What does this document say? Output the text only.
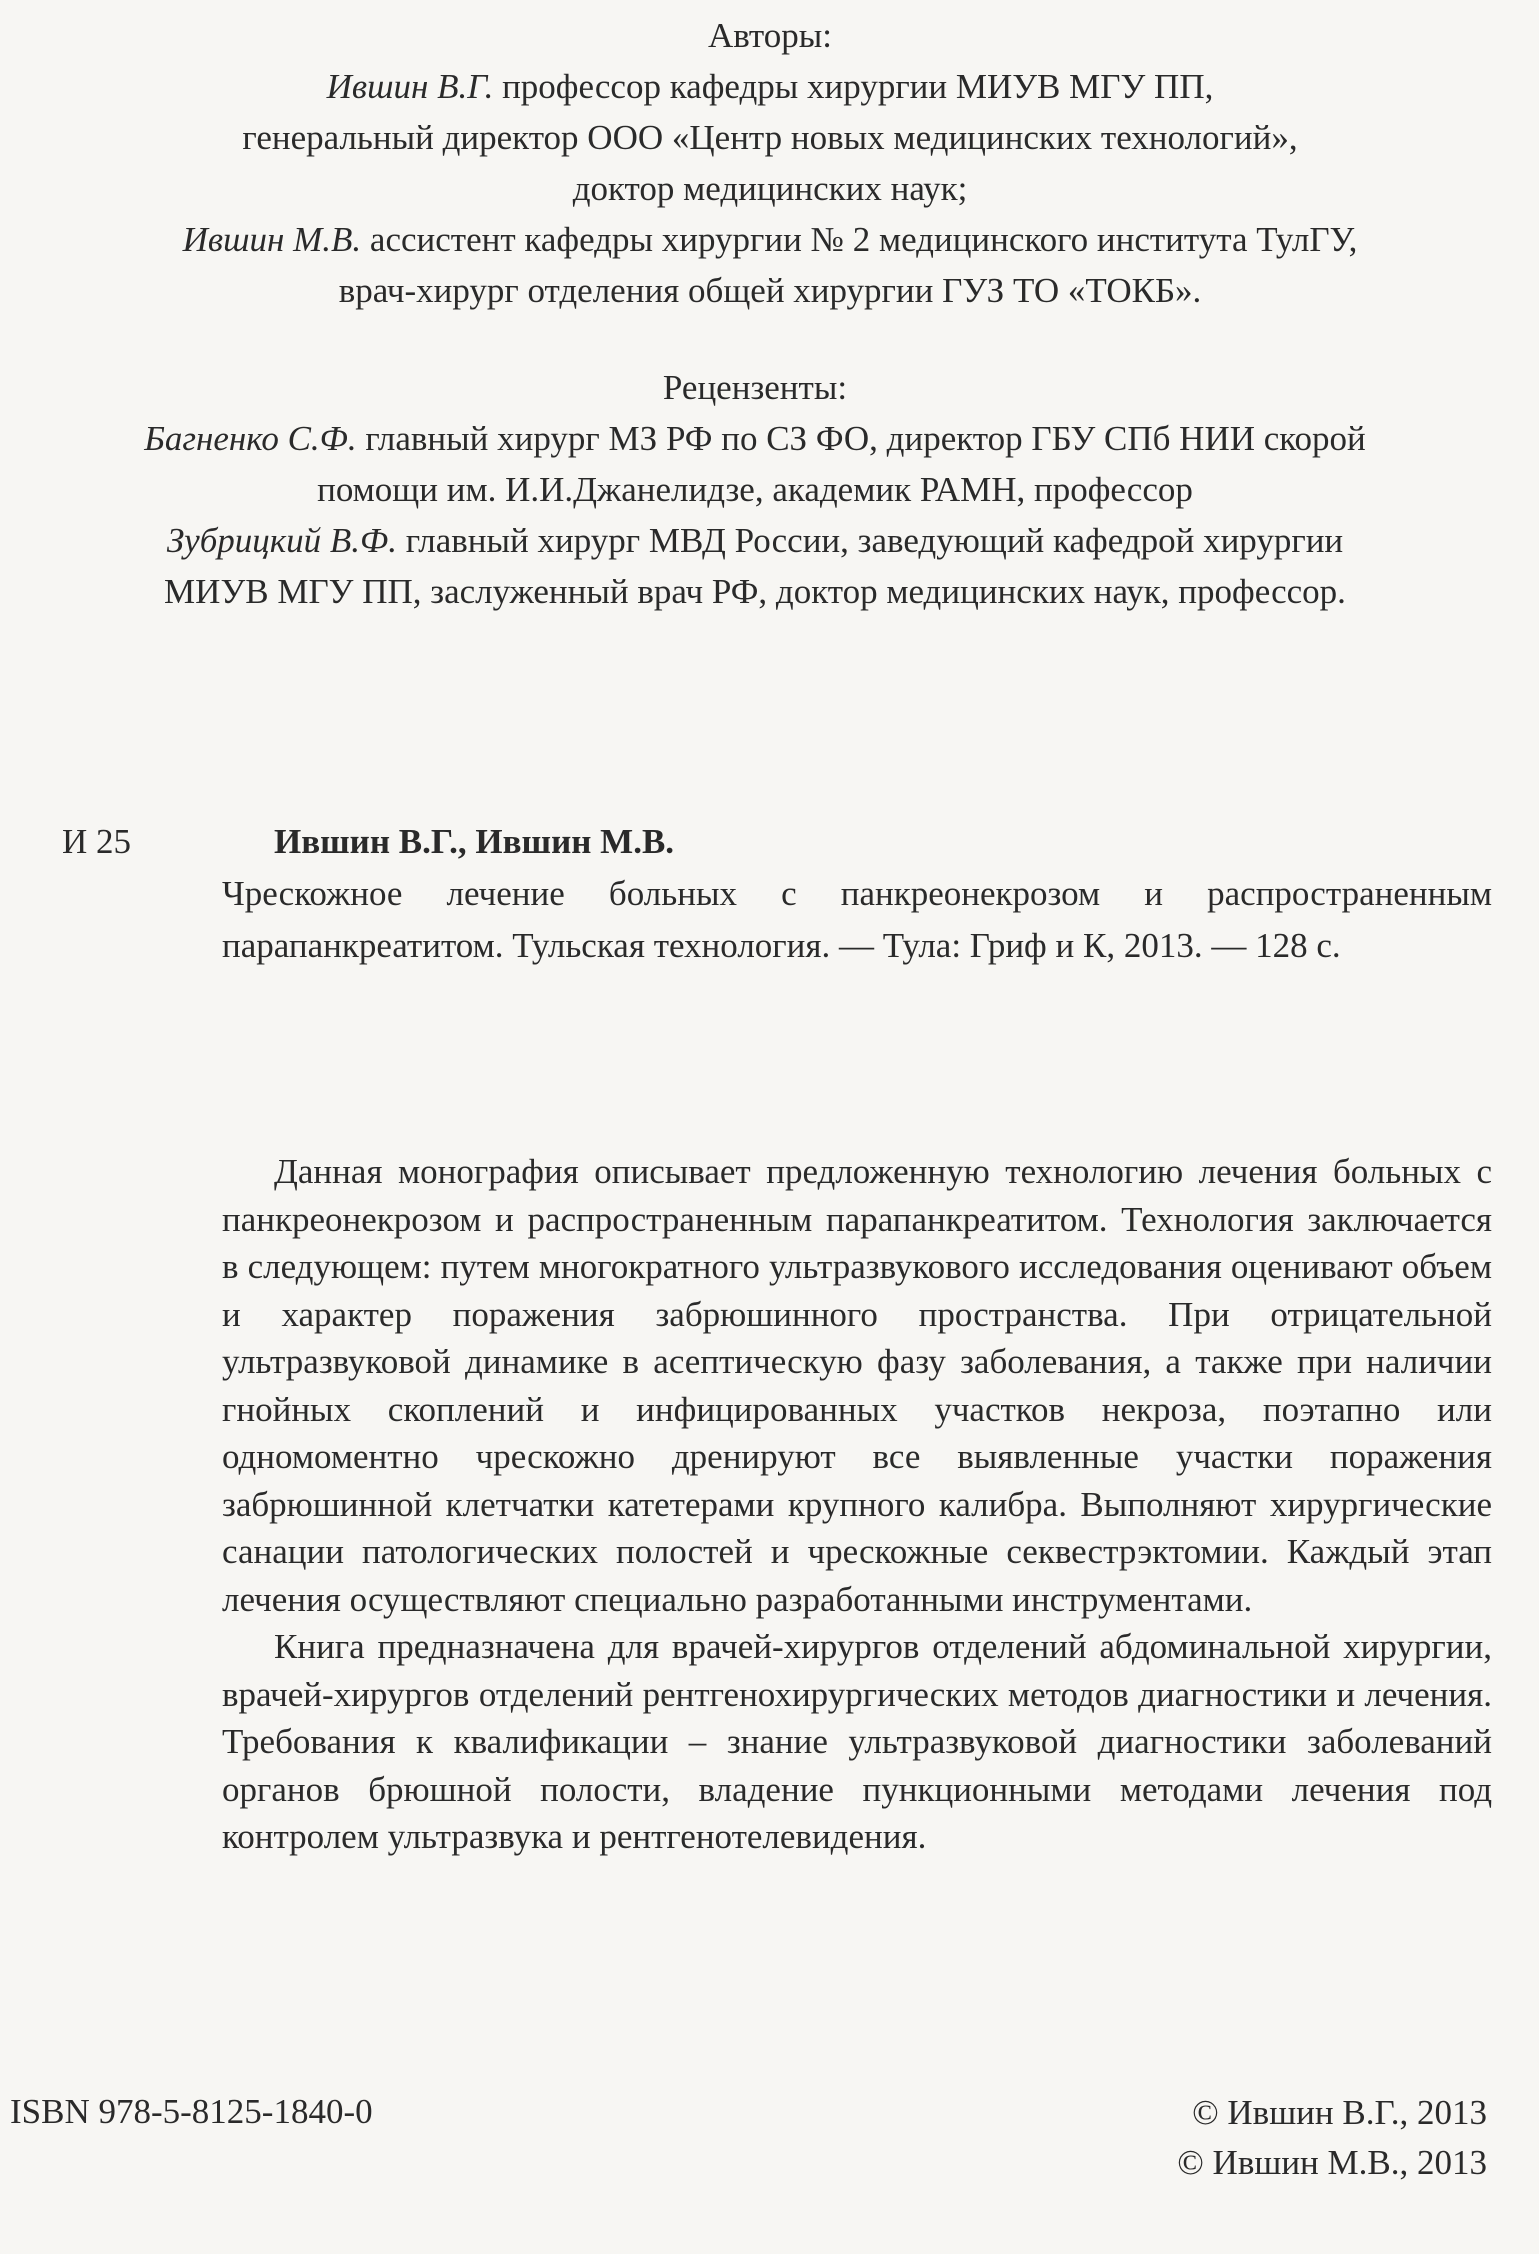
Авторы:
Ившин В.Г. профессор кафедры хирургии МИУВ МГУ ПП,
генеральный директор ООО «Центр новых медицинских технологий»,
доктор медицинских наук;
Ившин М.В. ассистент кафедры хирургии № 2 медицинского института ТулГУ,
врач-хирург отделения общей хирургии ГУЗ ТО «ТОКБ».
Рецензенты:
Багненко С.Ф. главный хирург МЗ РФ по СЗ ФО, директор ГБУ СПб НИИ скорой
помощи им. И.И.Джанелидзе, академик РАМН, профессор
Зубрицкий В.Ф. главный хирург МВД России, заведующий кафедрой хирургии
МИУВ МГУ ПП, заслуженный врач РФ, доктор медицинских наук, профессор.
И 25	Ившин В.Г., Ившин М.В.
Чрескожное лечение больных с панкреонекрозом и распространенным парапанкреатитом. Тульская технология. — Тула: Гриф и К, 2013. — 128 с.

Данная монография описывает предложенную технологию лечения больных с панкреонекрозом и распространенным парапанкреатитом. Технология заключается в следующем: путем многократного ультразвукового исследования оценивают объем и характер поражения забрюшинного пространства. При отрицательной ультразвуковой динамике в асептическую фазу заболевания, а также при наличии гнойных скоплений и инфицированных участков некроза, поэтапно или одномоментно чрескожно дренируют все выявленные участки поражения забрюшинной клетчатки катетерами крупного калибра. Выполняют хирургические санации патологических полостей и чрескожные секвестрэктомии. Каждый этап лечения осуществляют специально разработанными инструментами.

Книга предназначена для врачей-хирургов отделений абдоминальной хирургии, врачей-хирургов отделений рентгенохирургических методов диагностики и лечения. Требования к квалификации – знание ультразвуковой диагностики заболеваний органов брюшной полости, владение пункционными методами лечения под контролем ультразвука и рентгенотелевидения.

ISBN 978-5-8125-1840-0	© Ившин В.Г., 2013
© Ившин М.В., 2013
